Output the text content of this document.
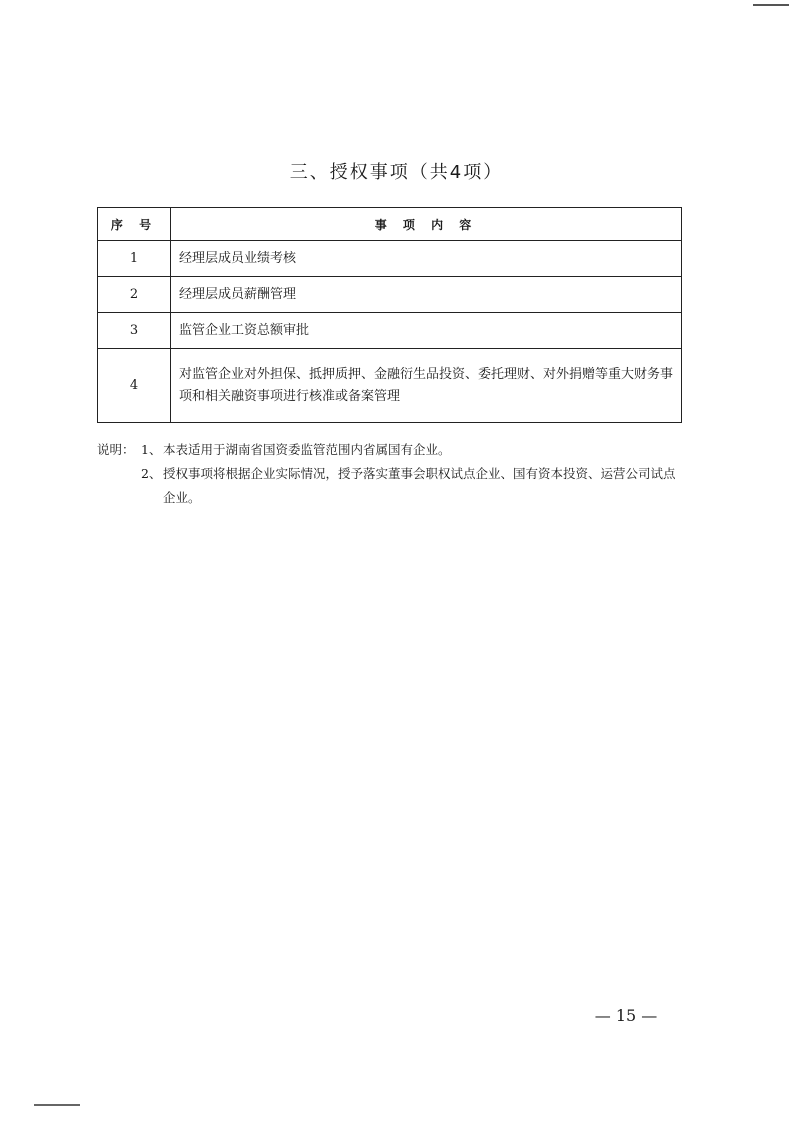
三、授权事项（共4项）
序 号	事 项 内 容
1	经理层成员业绩考核
2	经理层成员薪酬管理
3	监管企业工资总额审批
4	对监管企业对外担保、抵押质押、金融衍生品投资、委托理财、对外捐赠等重大财务事项和相关融资事项进行核准或备案管理
说明： 1、 本表适用于湖南省国资委监管范围内省属国有企业。
2、 授权事项将根据企业实际情况，授予落实董事会职权试点企业、国有资本投资、运营公司试点企业。
— 15 —
